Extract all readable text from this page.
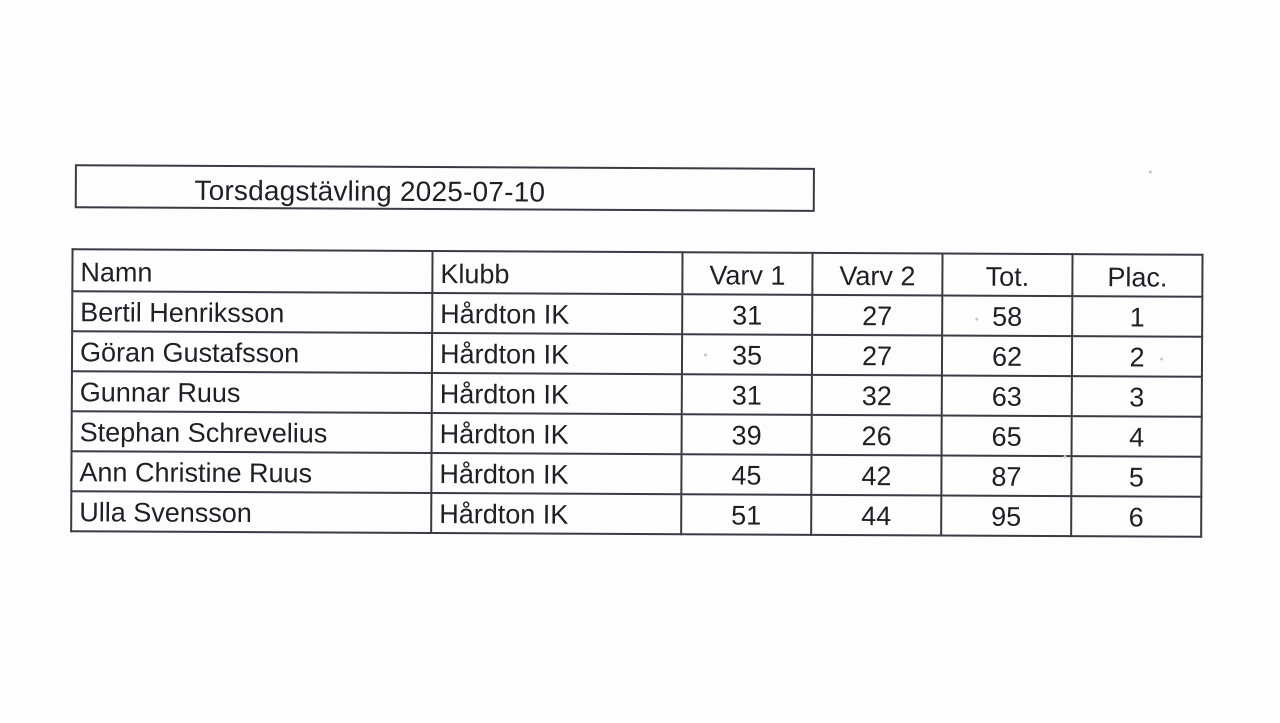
Torsdagstävling 2025-07-10
Namn	Klubb	Varv 1	Varv 2	Tot.	Plac.
Bertil Henriksson	Hårdton IK	31	27	58	1
Göran Gustafsson	Hårdton IK	35	27	62	2
Gunnar Ruus	Hårdton IK	31	32	63	3
Stephan Schrevelius	Hårdton IK	39	26	65	4
Ann Christine Ruus	Hårdton IK	45	42	87	5
Ulla Svensson	Hårdton IK	51	44	95	6
